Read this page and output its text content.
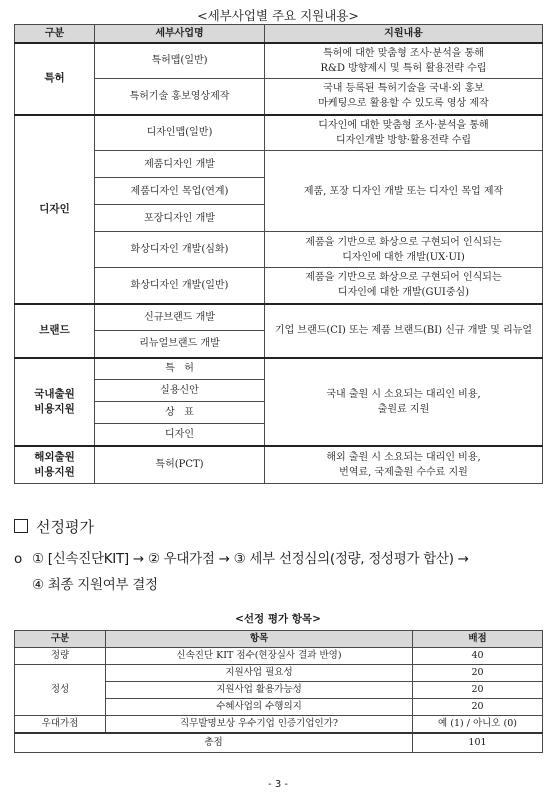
<세부사업별 주요 지원내용>
구분	세부사업명	지원내용
특허	특허맵(일반)	특허에 대한 맞춤형 조사·분석을 통해
R&D 방향제시 및 특허 활용전략 수립
	특허기술 홍보영상제작	국내 등록된 특허기술을 국내·외 홍보
마케팅으로 활용할 수 있도록 영상 제작
디자인	디자인맵(일반)	디자인에 대한 맞춤형 조사·분석을 통해
디자인개발 방향·활용전략 수립
	제품디자인 개발	제품, 포장 디자인 개발 또는 디자인 목업 제작
	제품디자인 목업(연계)	
	포장디자인 개발	
	화상디자인 개발(심화)	제품을 기반으로 화상으로 구현되어 인식되는
디자인에 대한 개발(UX·UI)
	화상디자인 개발(일반)	제품을 기반으로 화상으로 구현되어 인식되는
디자인에 대한 개발(GUI중심)
브랜드	신규브랜드 개발	기업 브랜드(CI) 또는 제품 브랜드(BI) 신규 개발 및 리뉴얼
	리뉴얼브랜드 개발	
국내출원
비용지원	특   허	국내 출원 시 소요되는 대리인 비용,
출원료 지원
	실용신안	
	상   표	
	디자인	
해외출원
비용지원	특허(PCT)	해외 출원 시 소요되는 대리인 비용,
번역료, 국제출원 수수료 지원
선정평가
o ① [신속진단KIT] → ② 우대가점 → ③ 세부 선정심의(정량, 정성평가 합산) →
④ 최종 지원여부 결정
<선정 평가 항목>
구분	항목	배점
정량	신속진단 KIT 점수(현장실사 결과 반영)	40
정성	지원사업 필요성	20
	지원사업 활용가능성	20
	수혜사업의 수행의지	20
우대가점	직무발명보상 우수기업 인증기업인가?	예 (1) / 아니오 (0)
총점		101
- 3 -
